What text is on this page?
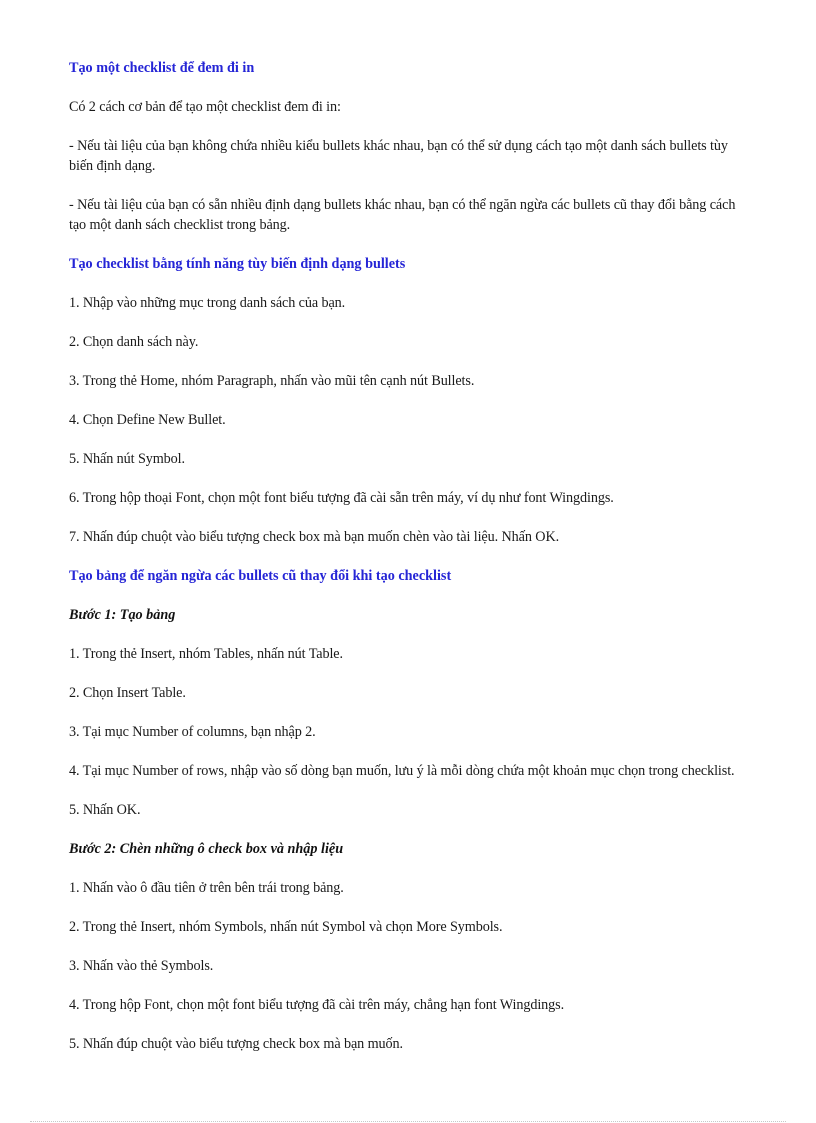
Tạo một checklist để đem đi in
Có 2 cách cơ bản để tạo một checklist đem đi in:
- Nếu tài liệu của bạn không chứa nhiều kiểu bullets khác nhau, bạn có thể sử dụng cách tạo một danh sách bullets tùy biến định dạng.
- Nếu tài liệu của bạn có sẵn nhiều định dạng bullets khác nhau, bạn có thể ngăn ngừa các bullets cũ thay đổi bằng cách tạo một danh sách checklist trong bảng.
Tạo checklist bằng tính năng tùy biến định dạng bullets
1. Nhập vào những mục trong danh sách của bạn.
2. Chọn danh sách này.
3. Trong thẻ Home, nhóm Paragraph, nhấn vào mũi tên cạnh nút Bullets.
4. Chọn Define New Bullet.
5. Nhấn nút Symbol.
6. Trong hộp thoại Font, chọn một font biểu tượng đã cài sẵn trên máy, ví dụ như font Wingdings.
7. Nhấn đúp chuột vào biểu tượng check box mà bạn muốn chèn vào tài liệu. Nhấn OK.
Tạo bảng để ngăn ngừa các bullets cũ thay đổi khi tạo checklist
Bước 1: Tạo bảng
1. Trong thẻ Insert, nhóm Tables, nhấn nút Table.
2. Chọn Insert Table.
3. Tại mục Number of columns, bạn nhập 2.
4. Tại mục Number of rows, nhập vào số dòng bạn muốn, lưu ý là mỗi dòng chứa một khoản mục chọn trong checklist.
5. Nhấn OK.
Bước 2: Chèn những ô check box và nhập liệu
1. Nhấn vào ô đầu tiên ở trên bên trái trong bảng.
2. Trong thẻ Insert, nhóm Symbols, nhấn nút Symbol và chọn More Symbols.
3. Nhấn vào thẻ Symbols.
4. Trong hộp Font, chọn một font biểu tượng đã cài trên máy, chẳng hạn font Wingdings.
5. Nhấn đúp chuột vào biểu tượng check box mà bạn muốn.
